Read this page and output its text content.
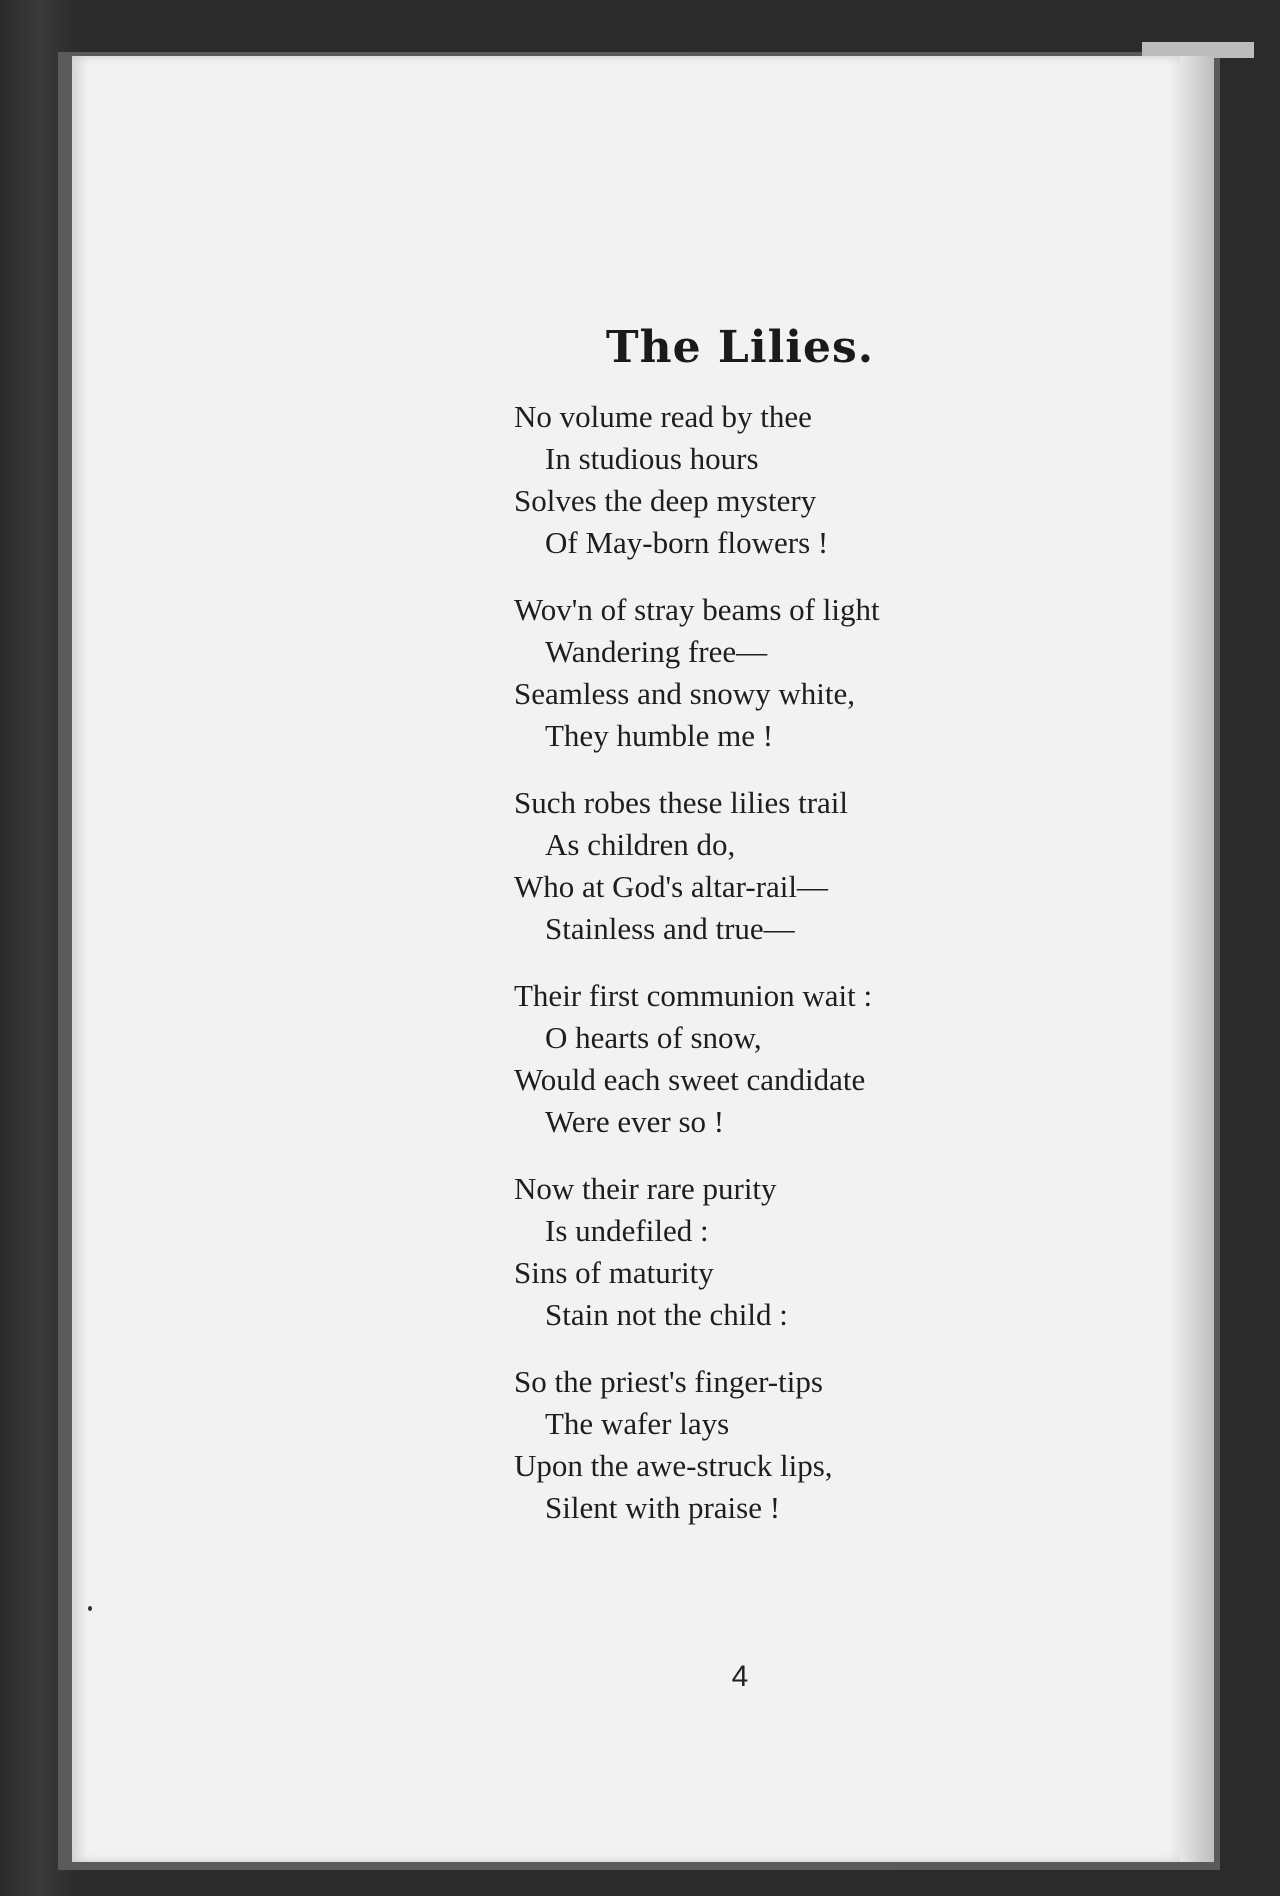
The Lilies.
No volume read by thee
In studious hours
Solves the deep mystery
Of May-born flowers !
Wov'n of stray beams of light
Wandering free—
Seamless and snowy white,
They humble me !
Such robes these lilies trail
As children do,
Who at God's altar-rail—
Stainless and true—
Their first communion wait :
O hearts of snow,
Would each sweet candidate
Were ever so !
Now their rare purity
Is undefiled :
Sins of maturity
Stain not the child :
So the priest's finger-tips
The wafer lays
Upon the awe-struck lips,
Silent with praise !
4
